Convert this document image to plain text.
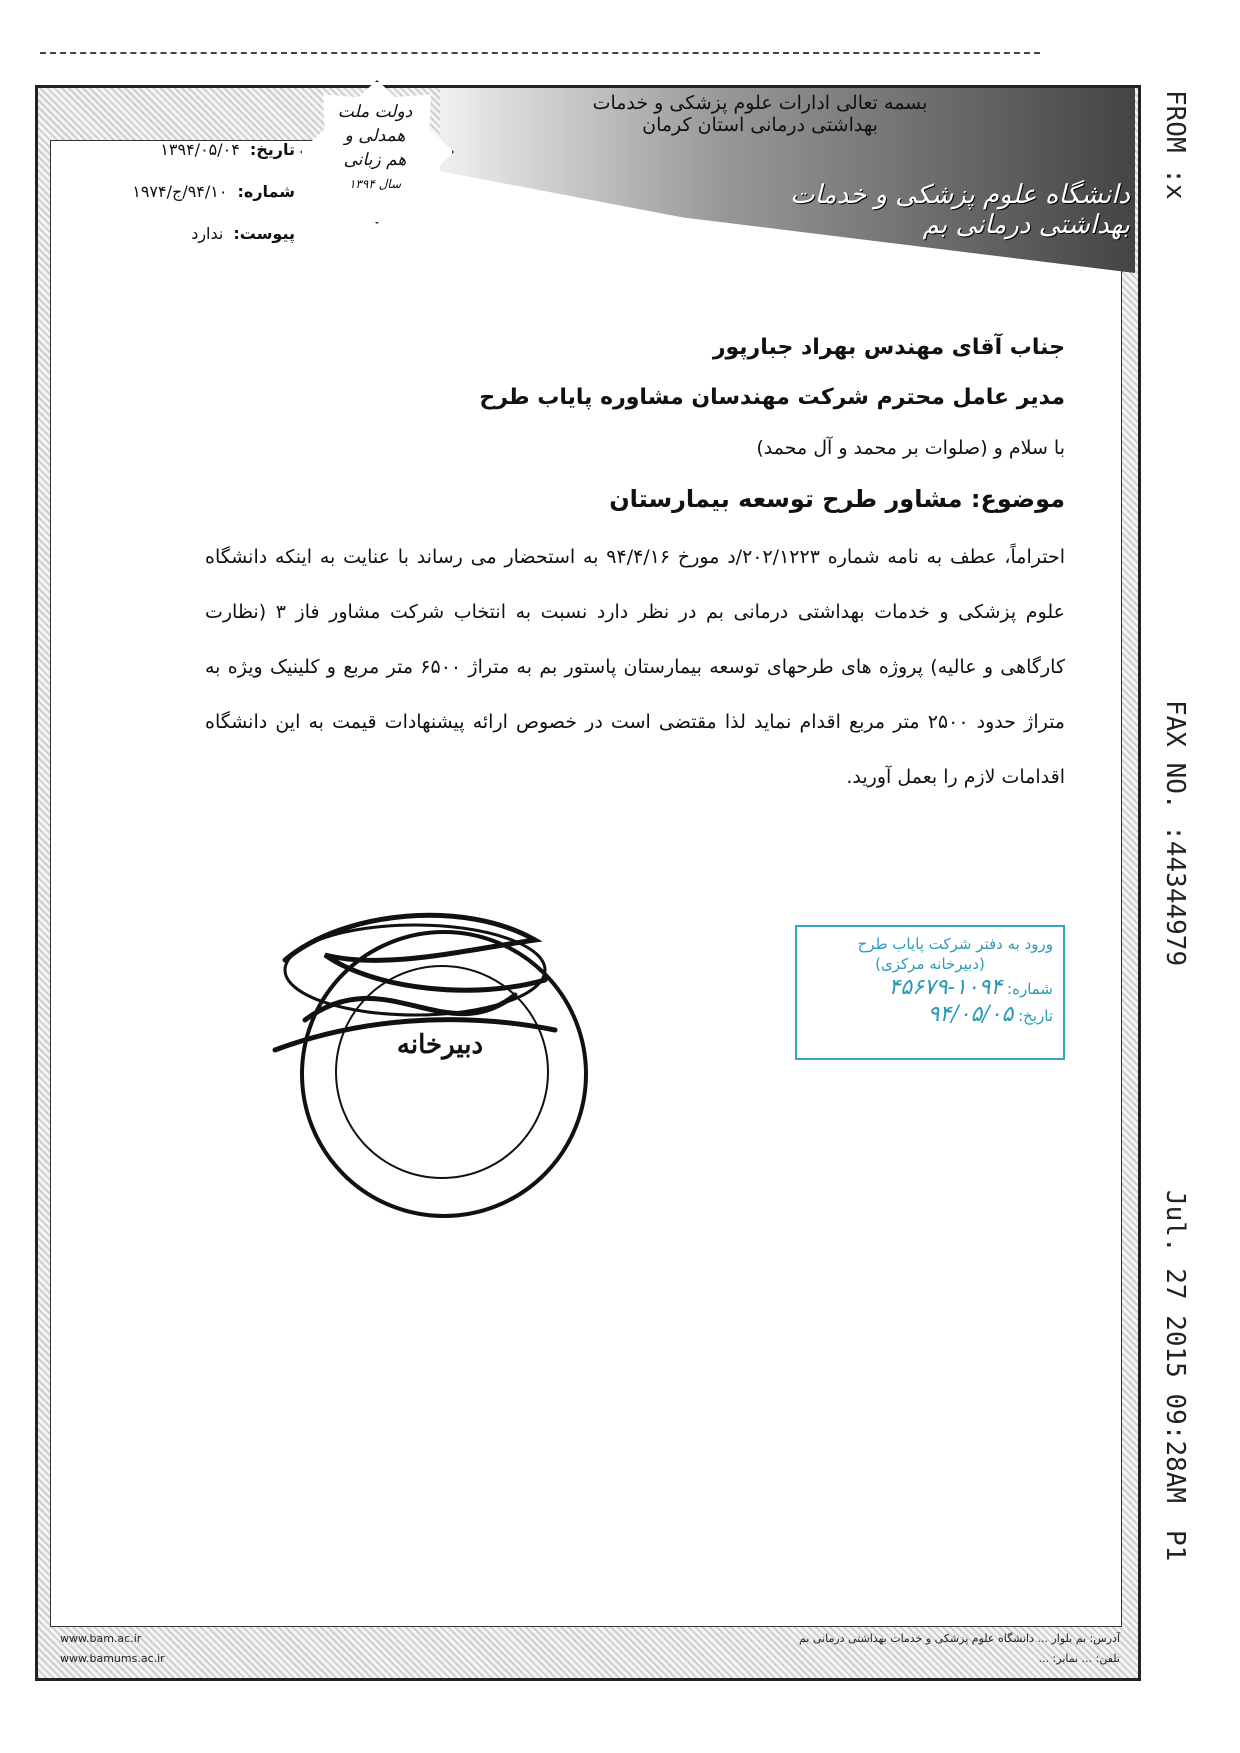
بسمه تعالی ادارات علوم پزشکی و خدمات بهداشتی درمانی استان کرمان
دانشگاه علوم پزشکی و خدمات بهداشتی درمانی بم
دولت ملت
همدلی و
هم زبانی
سال ۱۳۹۴
تاریخ:
۱۳۹۴/۰۵/۰۴
شماره:
۹۴/۱۰/ج/۱۹۷۴
پیوست:
ندارد
جناب آقای مهندس بهراد جبارپور
مدیر عامل محترم شرکت مهندسان مشاوره پایاب طرح
با سلام و (صلوات بر محمد و آل محمد)
موضوع: مشاور طرح توسعه بیمارستان
احتراماً، عطف به نامه شماره ۲۰۲/۱۲۲۳/د مورخ ۹۴/۴/۱۶ به استحضار می رساند با عنایت به اینکه دانشگاه علوم پزشکی و خدمات بهداشتی درمانی بم در نظر دارد نسبت به انتخاب شرکت مشاور فاز ۳ (نظارت کارگاهی و عالیه) پروژه های طرحهای توسعه بیمارستان پاستور بم به متراژ ۶۵۰۰ متر مربع و کلینیک ویژه به متراژ حدود ۲۵۰۰ متر مربع اقدام نماید لذا مقتضی است در خصوص ارائه پیشنهادات قیمت به این دانشگاه اقدامات لازم را بعمل آورید.
دبیرخانه
ورود به دفتر شرکت پایاب طرح
(دبیرخانه مرکزی)
شماره: ۱۰۹۴-۴۵۶۷۹
تاریخ: ۹۴/۰۵/۰۵
FROM :x
FAX NO. :44344979
Jul. 27 2015 09:28AM
P1
آدرس: بم بلوار ... دانشگاه علوم پزشکی و خدمات بهداشتی درمانی بم
تلفن: ... نمابر: ...
www.bam.ac.ir
www.bamums.ac.ir
